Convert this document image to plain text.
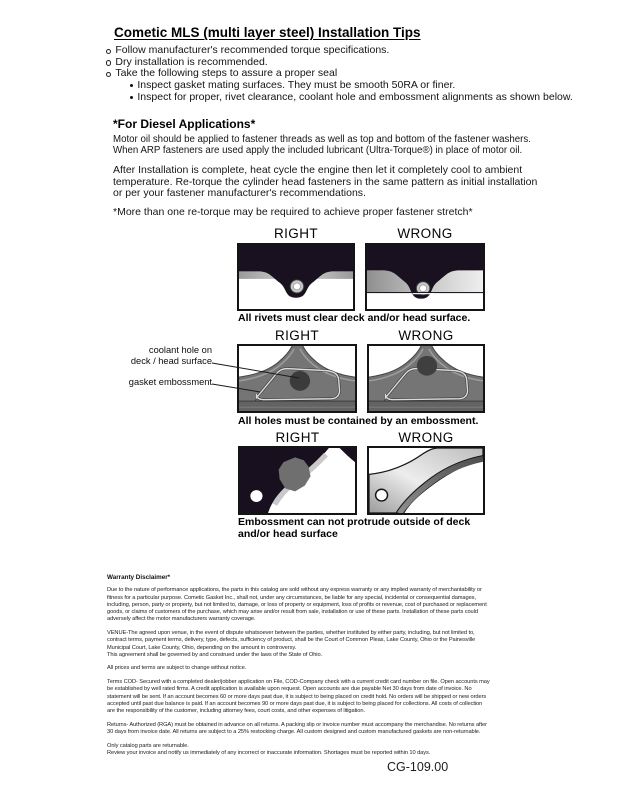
Cometic MLS (multi layer steel) Installation Tips
Follow manufacturer's recommended torque specifications.
Dry installation is recommended.
Take the following steps to assure a proper seal
Inspect gasket mating surfaces. They must be smooth 50RA or finer.
Inspect for proper, rivet clearance, coolant hole and embossment alignments as shown below.
*For Diesel Applications*
Motor oil should be applied to fastener threads as well as top and bottom of the fastener washers.
When ARP fasteners are used apply the included lubricant (Ultra-Torque®) in place of motor oil.
After Installation is complete, heat cycle the engine then let it completely cool to ambient
temperature. Re-torque the cylinder head fasteners in the same pattern as initial installation
or per your fastener manufacturer's recommendations.
*More than one re-torque may be required to achieve proper fastener stretch*
RIGHT	WRONG
All rivets must clear deck and/or head surface.
RIGHT	WRONG
coolant hole on
deck / head surface
gasket embossment
All holes must be contained by an embossment.
RIGHT	WRONG
Embossment can not protrude outside of deck
and/or head surface
Warranty Disclaimer*

Due to the nature of performance applications, the parts in this catalog are sold without any express warranty or any implied warranty of merchantability or
fitness for a particular purpose. Cometic Gasket Inc., shall not, under any circumstances, be liable for any special, incidental or consequential damages,
including, person, party or property, but not limited to, damage, or loss of property or equipment, loss of profits or revenue, cost of purchased or replacement
goods, or claims of customers of the purchase, which may arise and/or result from sale, installation or use of these parts. Installation of these parts could
adversely affect the motor manufacturers warranty coverage.

VENUE-The agreed upon venue, in the event of dispute whatsoever between the parties, whether instituted by either party, including, but not limited to,
contract terms, payment terms, delivery, type, defects, sufficiency of product, shall be the Court of Common Pleas, Lake County, Ohio or the Painesville
Municipal Court, Lake County, Ohio, depending on the amount in controversy.
This agreement shall be governed by and construed under the laws of the State of Ohio.

All prices and terms are subject to change without notice.

Terms COD- Secured with a completed dealer/jobber application on File, COD-Company check with a current credit card number on file. Open accounts may
be established by well rated firms. A credit application is available upon request. Open accounts are due payable Net 30 days from date of invoice. No
statement will be sent. If an account becomes 60 or more days past due, it is subject to being placed on credit hold. No orders will be shipped or new orders
accepted until past due balance is paid. If an account becomes 90 or more days past due, it is subject to being placed for collections. All costs of collection
are the responsibility of the customer, including attorney fees, court costs, and other expenses of litigation.

Returns- Authorized (RGA) must be obtained in advance on all returns. A packing slip or invoice number must accompany the merchandise. No returns after
30 days from invoice date. All returns are subject to a 25% restocking charge. All custom designed and custom manufactured gaskets are non-returnable.

Only catalog parts are returnable.
Review your invoice and notify us immediately of any incorrect or inaccurate information. Shortages must be reported within 10 days.

CG-109.00
